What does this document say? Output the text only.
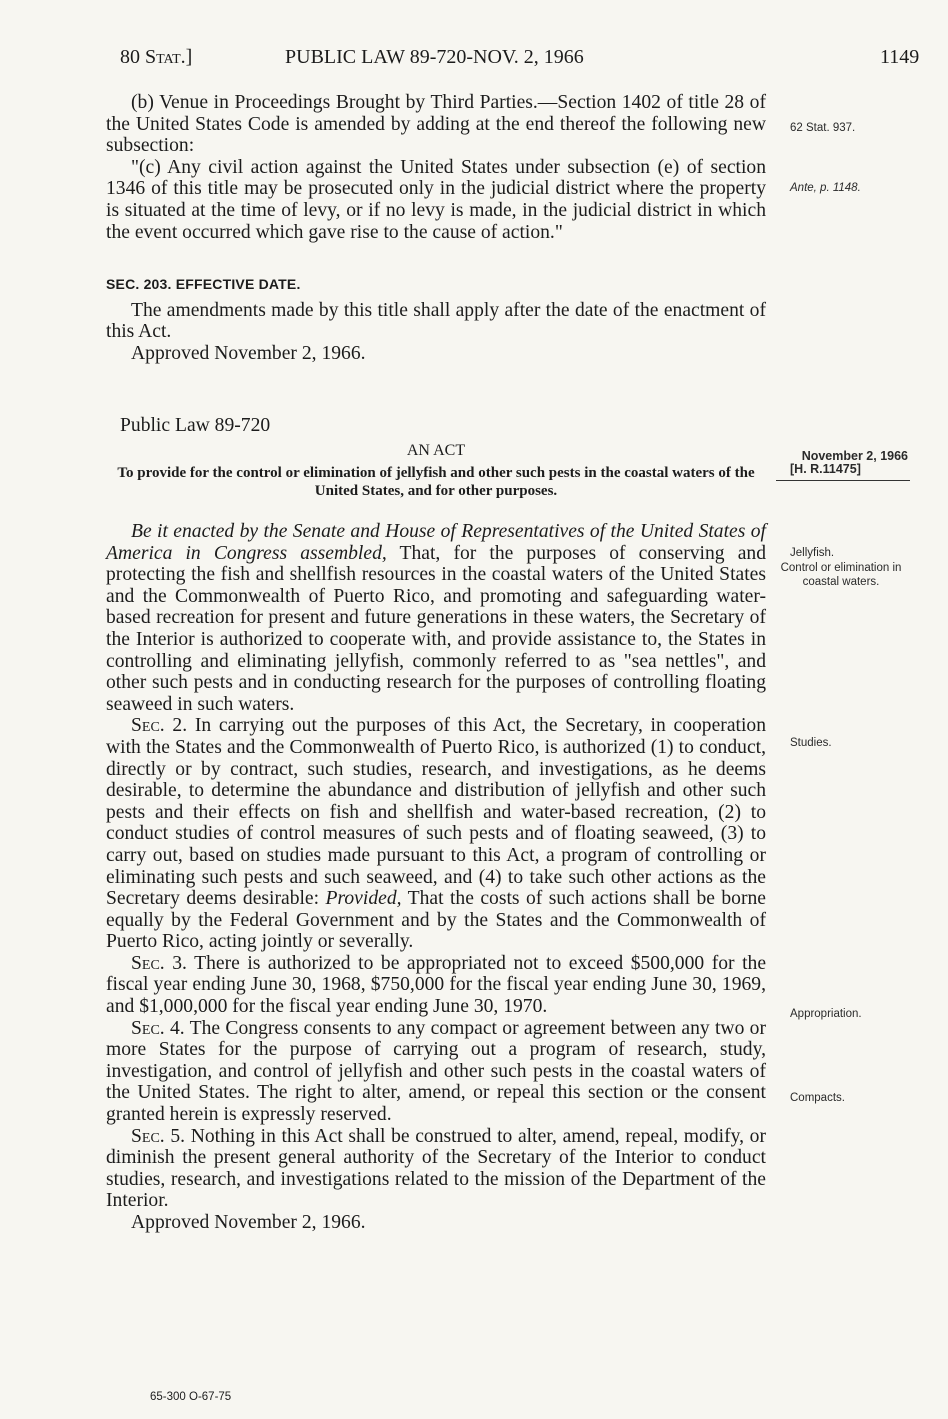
80 Stat.]	PUBLIC LAW 89-720-NOV. 2, 1966	1149

(b) Venue in Proceedings Brought by Third Parties.—Section 1402 of title 28 of the United States Code is amended by adding at the end thereof the following new subsection:

"(c) Any civil action against the United States under subsection (e) of section 1346 of this title may be prosecuted only in the judicial district where the property is situated at the time of levy, or if no levy is made, in the judicial district in which the event occurred which gave rise to the cause of action."

SEC. 203. EFFECTIVE DATE.

The amendments made by this title shall apply after the date of the enactment of this Act.

Approved November 2, 1966.

Public Law 89-720
AN ACT
To provide for the control or elimination of jellyfish and other such pests in the coastal waters of the United States, and for other purposes.

Be it enacted by the Senate and House of Representatives of the United States of America in Congress assembled, That, for the purposes of conserving and protecting the fish and shellfish resources in the coastal waters of the United States and the Commonwealth of Puerto Rico, and promoting and safeguarding water-based recreation for present and future generations in these waters, the Secretary of the Interior is authorized to cooperate with, and provide assistance to, the States in controlling and eliminating jellyfish, commonly referred to as "sea nettles", and other such pests and in conducting research for the purposes of controlling floating seaweed in such waters.

Sec. 2. In carrying out the purposes of this Act, the Secretary, in cooperation with the States and the Commonwealth of Puerto Rico, is authorized (1) to conduct, directly or by contract, such studies, research, and investigations, as he deems desirable, to determine the abundance and distribution of jellyfish and other such pests and their effects on fish and shellfish and water-based recreation, (2) to conduct studies of control measures of such pests and of floating seaweed, (3) to carry out, based on studies made pursuant to this Act, a program of controlling or eliminating such pests and such seaweed, and (4) to take such other actions as the Secretary deems desirable: Provided, That the costs of such actions shall be borne equally by the Federal Government and by the States and the Commonwealth of Puerto Rico, acting jointly or severally.

Sec. 3. There is authorized to be appropriated not to exceed $500,000 for the fiscal year ending June 30, 1968, $750,000 for the fiscal year ending June 30, 1969, and $1,000,000 for the fiscal year ending June 30, 1970.

Sec. 4. The Congress consents to any compact or agreement between any two or more States for the purpose of carrying out a program of research, study, investigation, and control of jellyfish and other such pests in the coastal waters of the United States. The right to alter, amend, or repeal this section or the consent granted herein is expressly reserved.

Sec. 5. Nothing in this Act shall be construed to alter, amend, repeal, modify, or diminish the present general authority of the Secretary of the Interior to conduct studies, research, and investigations related to the mission of the Department of the Interior.

Approved November 2, 1966.

62 Stat. 937.
Ante, p. 1148.
November 2, 1966
[H. R.11475]
Jellyfish.
Control or elimination in coastal waters.
Studies.
Appropriation.
Compacts.
65-300 O-67-75
